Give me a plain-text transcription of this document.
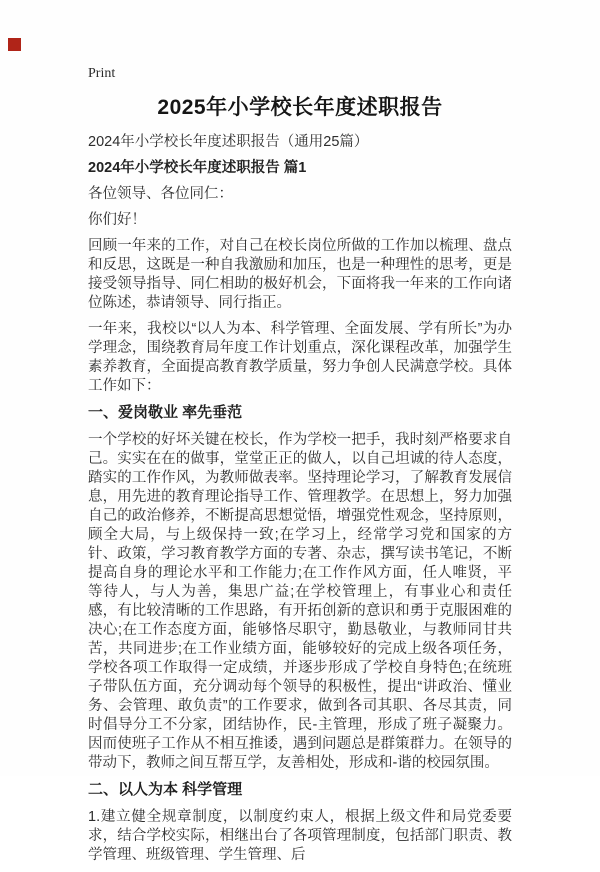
Print
2025年小学校长年度述职报告

2024年小学校长年度述职报告（通用25篇）

2024年小学校长年度述职报告 篇1

各位领导、各位同仁：

你们好！

回顾一年来的工作，对自己在校长岗位所做的工作加以梳理、盘点和反思，这既是一种自我激励和加压，也是一种理性的思考，更是接受领导指导、同仁相助的极好机会，下面将我一年来的工作向诸位陈述，恭请领导、同行指正。

一年来，我校以“以人为本、科学管理、全面发展、学有所长”为办学理念，围绕教育局年度工作计划重点，深化课程改革，加强学生素养教育，全面提高教育教学质量，努力争创人民满意学校。具体工作如下：

一、爱岗敬业 率先垂范

一个学校的好坏关键在校长，作为学校一把手，我时刻严格要求自己。实实在在的做事，堂堂正正的做人，以自己坦诚的待人态度，踏实的工作作风，为教师做表率。坚持理论学习，了解教育发展信息，用先进的教育理论指导工作、管理教学。在思想上，努力加强自己的政治修养，不断提高思想觉悟，增强党性观念，坚持原则，顾全大局，与上级保持一致;在学习上，经常学习党和国家的方针、政策，学习教育教学方面的专著、杂志，撰写读书笔记，不断提高自身的理论水平和工作能力;在工作作风方面，任人唯贤，平等待人，与人为善，集思广益;在学校管理上，有事业心和责任感，有比较清晰的工作思路，有开拓创新的意识和勇于克服困难的决心;在工作态度方面，能够恪尽职守，勤恳敬业，与教师同甘共苦，共同进步;在工作业绩方面，能够较好的完成上级各项任务，学校各项工作取得一定成绩，并逐步形成了学校自身特色;在统班子带队伍方面，充分调动每个领导的积极性，提出“讲政治、懂业务、会管理、敢负责”的工作要求，做到各司其职、各尽其责，同时倡导分工不分家，团结协作，民-主管理，形成了班子凝聚力。因而使班子工作从不相互推诿，遇到问题总是群策群力。在领导的带动下，教师之间互帮互学，友善相处，形成和-谐的校园氛围。

二、以人为本 科学管理

1.建立健全规章制度，以制度约束人，根据上级文件和局党委要求，结合学校实际，相继出台了各项管理制度，包括部门职责、教学管理、班级管理、学生管理、后
